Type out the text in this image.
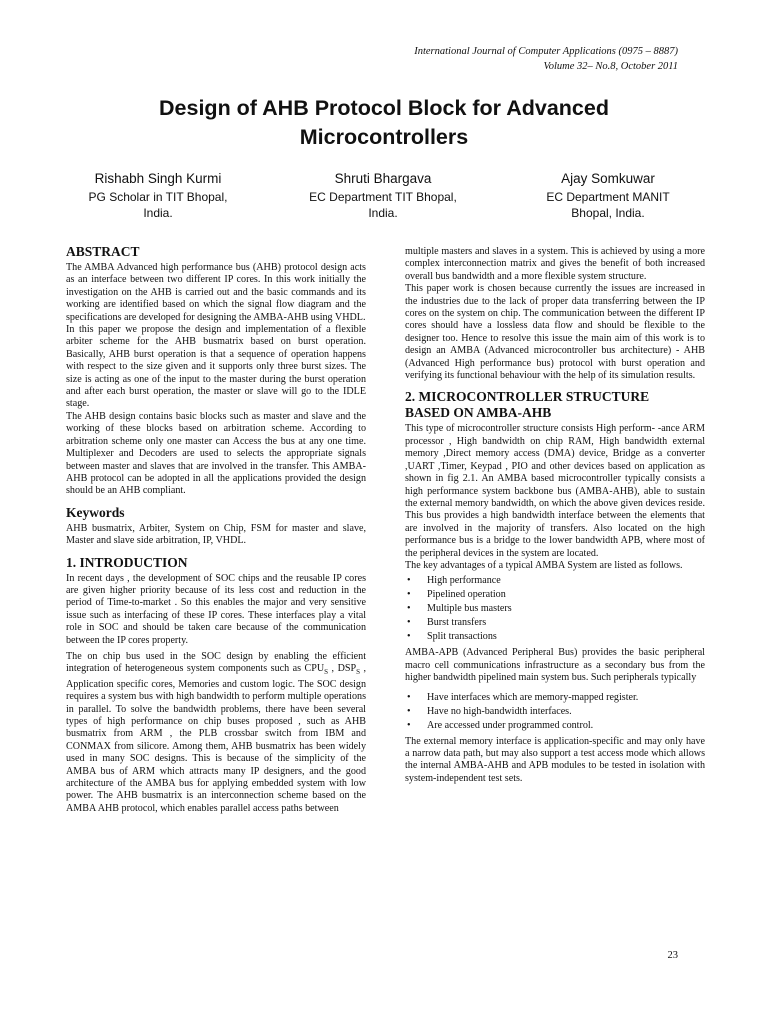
International Journal of Computer Applications (0975 – 8887)
Volume 32– No.8, October 2011
Design of AHB Protocol Block for Advanced
Microcontrollers
Rishabh Singh Kurmi
PG Scholar in TIT Bhopal,
India.
Shruti Bhargava
EC Department TIT Bhopal,
India.
Ajay Somkuwar
EC Department MANIT
Bhopal, India.
ABSTRACT

The AMBA Advanced high performance bus (AHB) protocol design acts as an interface between two different IP cores. In this work initially the investigation on the AHB is carried out and the basic commands and its working are identified based on which the signal flow diagram and the specifications are developed for designing the AMBA-AHB using VHDL.

In this paper we propose the design and implementation of a flexible arbiter scheme for the AHB busmatrix based on burst operation. Basically, AHB burst operation is that a sequence of operation happens with respect to the size given and it supports only three burst sizes. The size is acting as one of the input to the master during the burst operation and after each burst operation, the master or slave will go to the IDLE stage.

The AHB design contains basic blocks such as master and slave and the working of these blocks based on arbitration scheme. According to arbitration scheme only one master can Access the bus at any one time. Multiplexer and Decoders are used to selects the appropriate signals between master and slaves that are involved in the transfer. This AMBA-AHB protocol can be adopted in all the applications provided the design should be an AHB compliant.

Keywords

AHB busmatrix, Arbiter, System on Chip, FSM for master and slave, Master and slave side arbitration, IP, VHDL.

1. INTRODUCTION

In recent days , the development of SOC chips and the reusable IP cores are given higher priority because of its less cost and reduction in the period of Time-to-market . So this enables the major and very sensitive issue such as interfacing of these IP cores. These interfaces play a vital role in SOC and should be taken care because of the communication between the IP cores property.

The on chip bus used in the SOC design by enabling the efficient integration of heterogeneous system components such as $CPU_S$ , $DSP_S$ , Application specific cores, Memories and custom logic. The SOC design requires a system bus with high bandwidth to perform multiple operations in parallel. To solve the bandwidth problems, there have been several types of high performance on chip buses proposed , such as AHB busmatrix from ARM , the PLB crossbar switch from IBM and CONMAX from silicore. Among them, AHB busmatrix has been widely used in many SOC designs. This is because of the simplicity of the AMBA bus of ARM which attracts many IP designers, and the good architecture of the AMBA bus for applying embedded system with low power. The AHB busmatrix is an interconnection scheme based on the AMBA AHB protocol, which enables parallel access paths between

multiple masters and slaves in a system. This is achieved by using a more complex interconnection matrix and gives the benefit of both increased overall bus bandwidth and a more flexible system structure.

This paper work is chosen because currently the issues are increased in the industries due to the lack of proper data transferring between the IP cores on the system on chip. The communication between the different IP cores should have a lossless data flow and should be flexible to the designer too. Hence to resolve this issue the main aim of this work is to design an AMBA (Advanced microcontroller bus architecture) - AHB (Advanced High performance bus) protocol with burst operation and verifying its functional behaviour with the help of its simulation results.

2. MICROCONTROLLER STRUCTURE
BASED ON AMBA-AHB

This type of microcontroller structure consists High perform- -ance ARM processor , High bandwidth on chip RAM, High bandwidth external memory ,Direct memory access (DMA) device, Bridge as a converter ,UART ,Timer, Keypad , PIO and other devices based on application as shown in fig 2.1. An AMBA based microcontroller typically consists a high performance system backbone bus (AMBA-AHB), able to sustain the external memory bandwidth, on which the above given devices reside. This bus provides a high bandwidth interface between the elements that are involved in the majority of transfers. Also located on the high performance bus is a bridge to the lower bandwidth APB, where most of the peripheral devices in the system are located.

The key advantages of a typical AMBA System are listed as follows.

• High performance
• Pipelined operation
• Multiple bus masters
• Burst transfers
• Split transactions

AMBA-APB (Advanced Peripheral Bus) provides the basic peripheral macro cell communications infrastructure as a secondary bus from the higher bandwidth pipelined main system bus. Such peripherals typically

• Have interfaces which are memory-mapped register.
• Have no high-bandwidth interfaces.
• Are accessed under programmed control.

The external memory interface is application-specific and may only have a narrow data path, but may also support a test access mode which allows the internal AMBA-AHB and APB modules to be tested in isolation with system-independent test sets.

23
